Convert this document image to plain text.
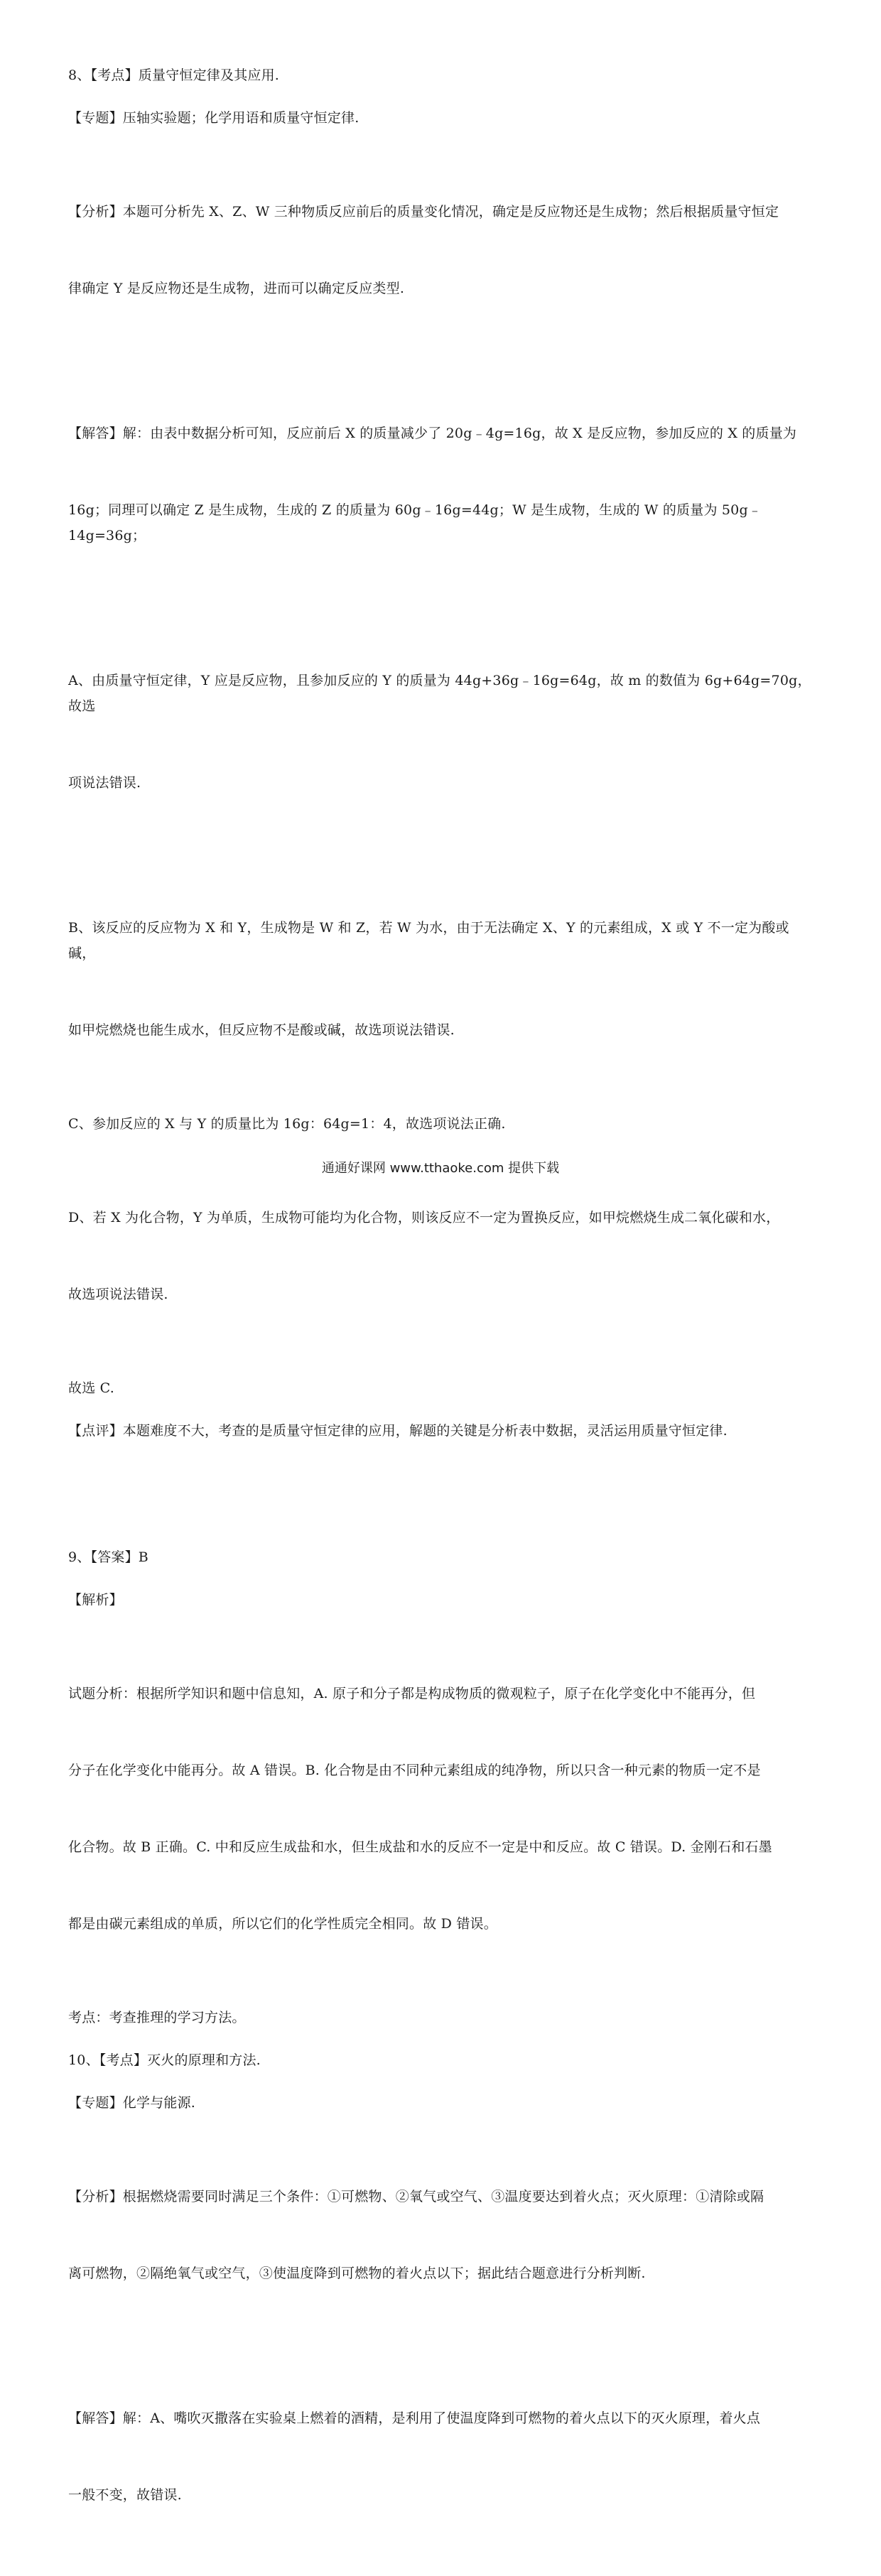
8、【考点】质量守恒定律及其应用.
【专题】压轴实验题；化学用语和质量守恒定律.

【分析】本题可分析先 X、Z、W 三种物质反应前后的质量变化情况，确定是反应物还是生成物；然后根据质量守恒定

律确定 Y 是反应物还是生成物，进而可以确定反应类型.

【解答】解：由表中数据分析可知，反应前后 X 的质量减少了 20g﹣4g=16g，故 X 是反应物，参加反应的 X 的质量为

16g；同理可以确定 Z 是生成物，生成的 Z 的质量为 60g﹣16g=44g；W 是生成物，生成的 W 的质量为 50g﹣14g=36g；

A、由质量守恒定律，Y 应是反应物，且参加反应的 Y 的质量为 44g+36g﹣16g=64g，故 m 的数值为 6g+64g=70g，故选

项说法错误.

B、该反应的反应物为 X 和 Y，生成物是 W 和 Z，若 W 为水，由于无法确定 X、Y 的元素组成，X 或 Y 不一定为酸或碱，

如甲烷燃烧也能生成水，但反应物不是酸或碱，故选项说法错误.

C、参加反应的 X 与 Y 的质量比为 16g：64g=1：4，故选项说法正确.

D、若 X 为化合物，Y 为单质，生成物可能均为化合物，则该反应不一定为置换反应，如甲烷燃烧生成二氧化碳和水，

故选项说法错误.

故选 C.
【点评】本题难度不大，考查的是质量守恒定律的应用，解题的关键是分析表中数据，灵活运用质量守恒定律.
9、【答案】B
【解析】

试题分析：根据所学知识和题中信息知，A. 原子和分子都是构成物质的微观粒子，原子在化学变化中不能再分，但

分子在化学变化中能再分。故 A 错误。B. 化合物是由不同种元素组成的纯净物，所以只含一种元素的物质一定不是

化合物。故 B 正确。C. 中和反应生成盐和水，但生成盐和水的反应不一定是中和反应。故 C 错误。D. 金刚石和石墨

都是由碳元素组成的单质，所以它们的化学性质完全相同。故 D 错误。

考点：考查推理的学习方法。
10、【考点】灭火的原理和方法.
【专题】化学与能源.

【分析】根据燃烧需要同时满足三个条件：①可燃物、②氧气或空气、③温度要达到着火点；灭火原理：①清除或隔

离可燃物，②隔绝氧气或空气，③使温度降到可燃物的着火点以下；据此结合题意进行分析判断.

【解答】解：A、嘴吹灭撒落在实验桌上燃着的酒精，是利用了使温度降到可燃物的着火点以下的灭火原理，着火点

一般不变，故错误.

通通好课网 www.tthaoke.com 提供下载
